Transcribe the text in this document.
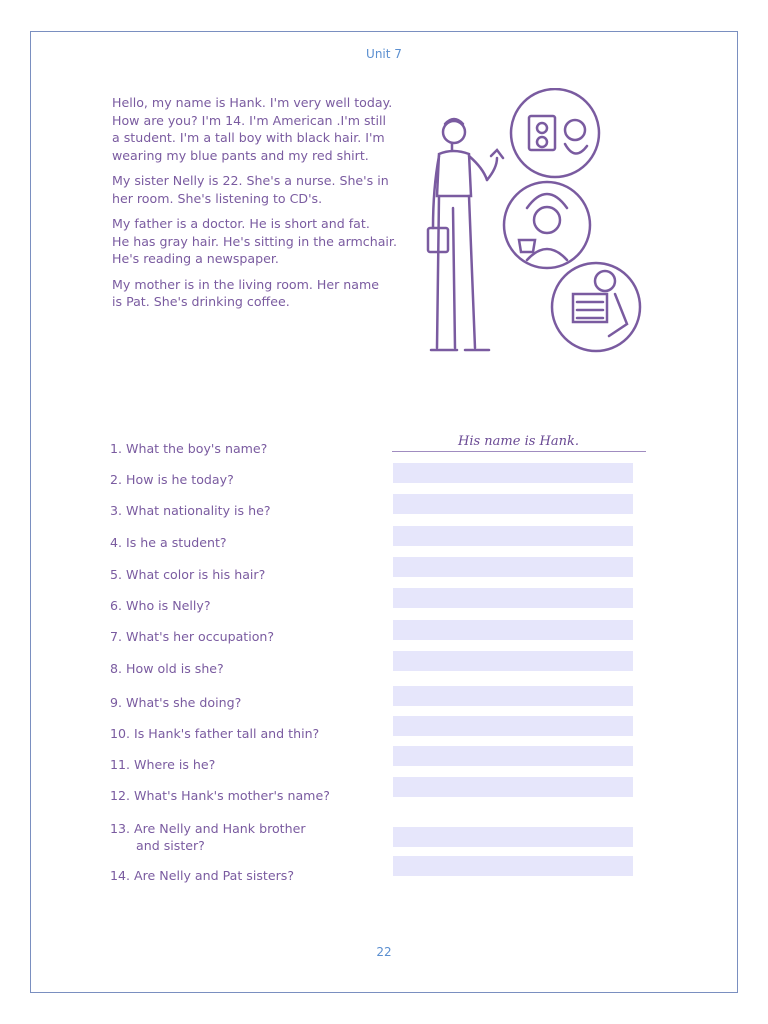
Unit 7

Hello, my name is Hank. I'm very well today.
How are you? I'm 14. I'm American .I'm still
a student. I'm a tall boy with black hair. I'm
wearing my blue pants and my red shirt.

My sister Nelly is 22. She's a nurse. She's in
her room. She's listening to CD's.

My father is a doctor. He is short and fat.
He has gray hair. He's sitting in the armchair.
He's reading a newspaper.

My mother is in the living room. Her name
is Pat. She's drinking coffee.

1. What the boy's name?	His name is Hank.
2. How is he today?
3. What nationality is he?
4. Is he a student?
5. What color is his hair?
6. Who is Nelly?
7. What's her occupation?
8. How old is she?
9. What's she doing?
10. Is Hank's father tall and thin?
11. Where is he?
12. What's Hank's mother's name?
13. Are Nelly and Hank brother
and sister?
14. Are Nelly and Pat sisters?
22
